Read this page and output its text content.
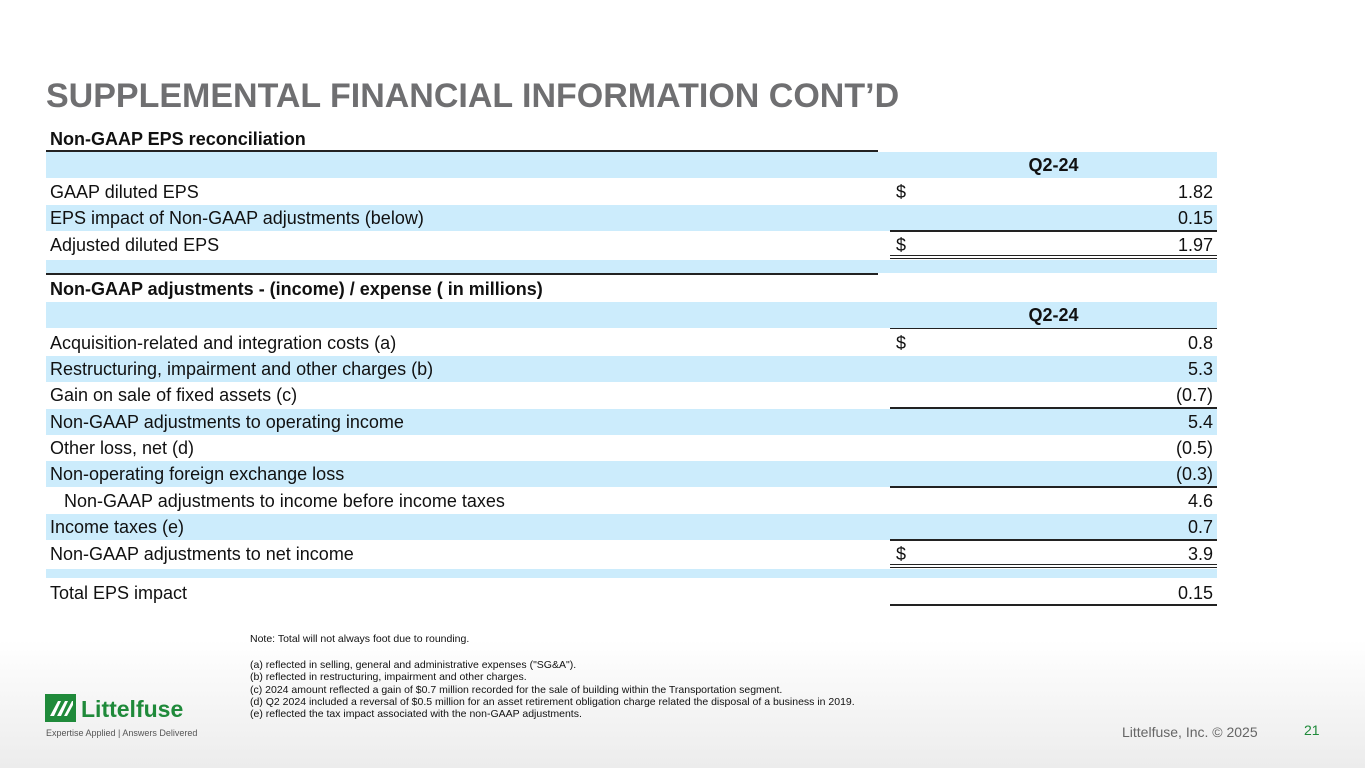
SUPPLEMENTAL FINANCIAL INFORMATION CONT’D
Non-GAAP EPS reconciliation
Q2-24
GAAP diluted EPS	$	1.82
EPS impact of Non-GAAP adjustments (below)	0.15
Adjusted diluted EPS	$	1.97
Non-GAAP adjustments - (income) / expense ( in millions)
Q2-24
Acquisition-related and integration costs (a)	$	0.8
Restructuring, impairment and other charges (b)	5.3
Gain on sale of fixed assets (c)	(0.7)
Non-GAAP adjustments to operating income	5.4
Other loss, net (d)	(0.5)
Non-operating foreign exchange loss	(0.3)
Non-GAAP adjustments to income before income taxes	4.6
Income taxes (e)	0.7
Non-GAAP adjustments to net income	$	3.9
Total EPS impact	0.15
Note: Total will not always foot due to rounding.
(a) reflected in selling, general and administrative expenses ("SG&A").
(b) reflected in restructuring, impairment and other charges.
(c) 2024 amount reflected a gain of $0.7 million recorded for the sale of building within the Transportation segment.
(d) Q2 2024 included a reversal of $0.5 million for an asset retirement obligation charge related the disposal of a business in 2019.
(e) reflected the tax impact associated with the non-GAAP adjustments.
Littelfuse
Expertise Applied | Answers Delivered	Littelfuse, Inc. © 2025	21
